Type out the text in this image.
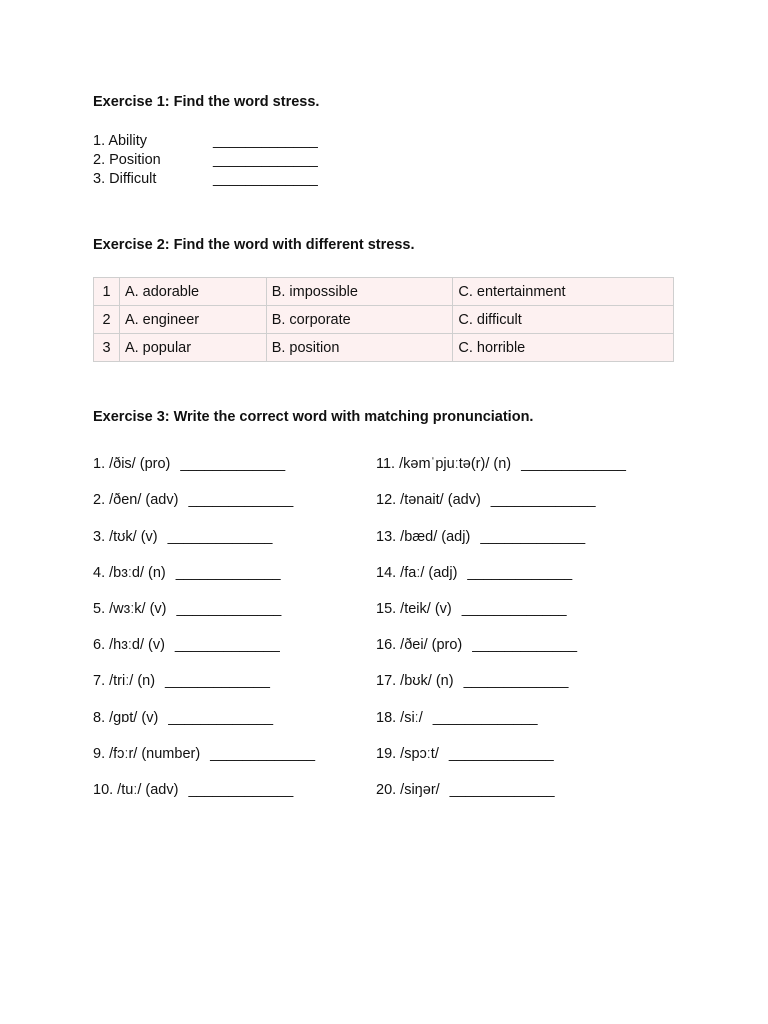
Exercise 1: Find the word stress.
1. Ability	_____________
2. Position	_____________
3. Difficult	_____________
Exercise 2: Find the word with different stress.
1	A. adorable	B. impossible	C. entertainment
2	A. engineer	B. corporate	C. difficult
3	A. popular	B. position	C. horrible
Exercise 3: Write the correct word with matching pronunciation.
1. /ðis/ (pro) _____________
2. /ðen/ (adv) _____________
3. /tʊk/ (v) _____________
4. /bɜːd/ (n) _____________
5. /wɜːk/ (v) _____________
6. /hɜːd/ (v) _____________
7. /triː/ (n) _____________
8. /gɒt/ (v) _____________
9. /fɔːr/ (number) _____________
10. /tuː/ (adv) _____________
11. /kəmˈpjuːtə(r)/ (n) _____________
12. /tənait/ (adv) _____________
13. /bæd/ (adj) _____________
14. /faː/ (adj) _____________
15. /teik/ (v) _____________
16. /ðei/ (pro) _____________
17. /bʊk/ (n) _____________
18. /siː/ _____________
19. /spɔːt/ _____________
20. /siŋər/ _____________
